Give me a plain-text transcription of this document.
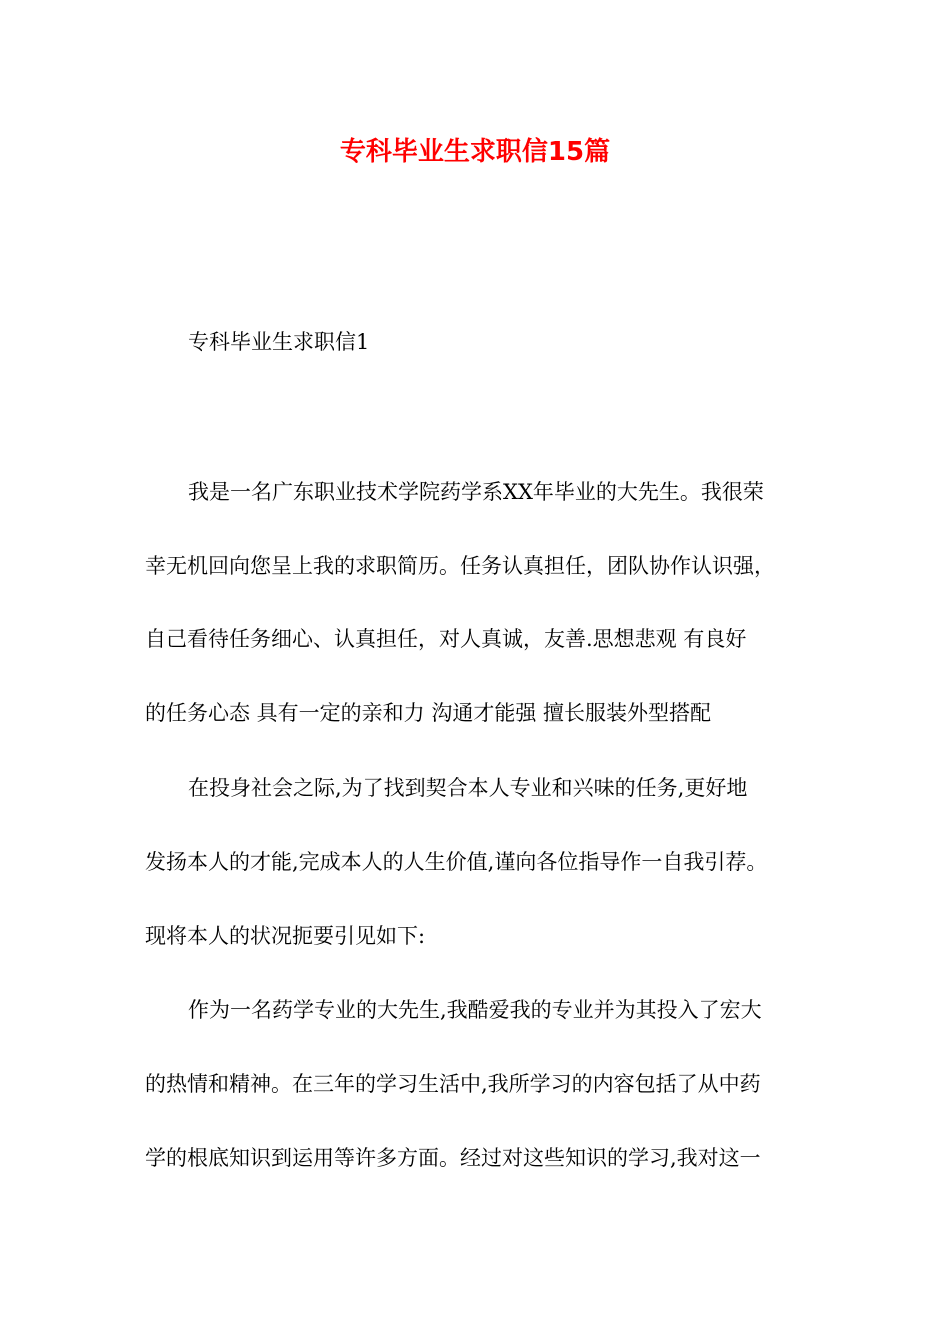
专科毕业生求职信15篇

专科毕业生求职信1

我是一名广东职业技术学院药学系XX年毕业的大先生。我很荣

幸无机回向您呈上我的求职简历。任务认真担任，团队协作认识强，

自己看待任务细心、认真担任，对人真诚，友善.思想悲观 有良好

的任务心态 具有一定的亲和力 沟通才能强 擅长服装外型搭配

在投身社会之际,为了找到契合本人专业和兴味的任务,更好地

发扬本人的才能,完成本人的人生价值,谨向各位指导作一自我引荐。

现将本人的状况扼要引见如下:

作为一名药学专业的大先生,我酷爱我的专业并为其投入了宏大

的热情和精神。在三年的学习生活中,我所学习的内容包括了从中药

学的根底知识到运用等许多方面。经过对这些知识的学习,我对这一
